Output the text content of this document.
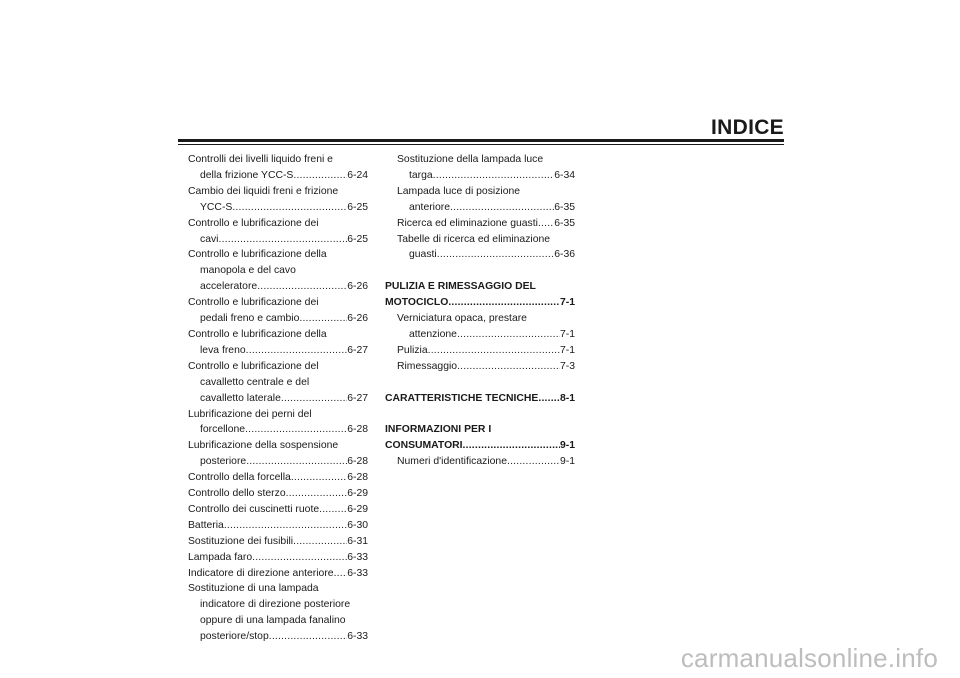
INDICE
Controlli dei livelli liquido freni e
della frizione YCC-S .....	6-24
Cambio dei liquidi freni e frizione
YCC-S .....	6-25
Controllo e lubrificazione dei
cavi .....	6-25
Controllo e lubrificazione della
manopola e del cavo
acceleratore .....	6-26
Controllo e lubrificazione dei
pedali freno e cambio .....	6-26
Controllo e lubrificazione della
leva freno .....	6-27
Controllo e lubrificazione del
cavalletto centrale e del
cavalletto laterale .....	6-27
Lubrificazione dei perni del
forcellone .....	6-28
Lubrificazione della sospensione
posteriore .....	6-28
Controllo della forcella .....	6-28
Controllo dello sterzo .....	6-29
Controllo dei cuscinetti ruote .....	6-29
Batteria .....	6-30
Sostituzione dei fusibili .....	6-31
Lampada faro .....	6-33
Indicatore di direzione anteriore ..... 6-33
Sostituzione di una lampada
indicatore di direzione posteriore
oppure di una lampada fanalino
posteriore/stop .....	6-33
Sostituzione della lampada luce
targa .....	6-34
Lampada luce di posizione
anteriore .....	6-35
Ricerca ed eliminazione guasti ..... 6-35
Tabelle di ricerca ed eliminazione
guasti .....	6-36
PULIZIA E RIMESSAGGIO DEL
MOTOCICLO .....	7-1
Verniciatura opaca, prestare
attenzione .....	7-1
Pulizia .....	7-1
Rimessaggio .....	7-3
CARATTERISTICHE TECNICHE ..... 8-1
INFORMAZIONI PER I
CONSUMATORI .....	9-1
Numeri d'identificazione .....	9-1
carmanualsonline.info
